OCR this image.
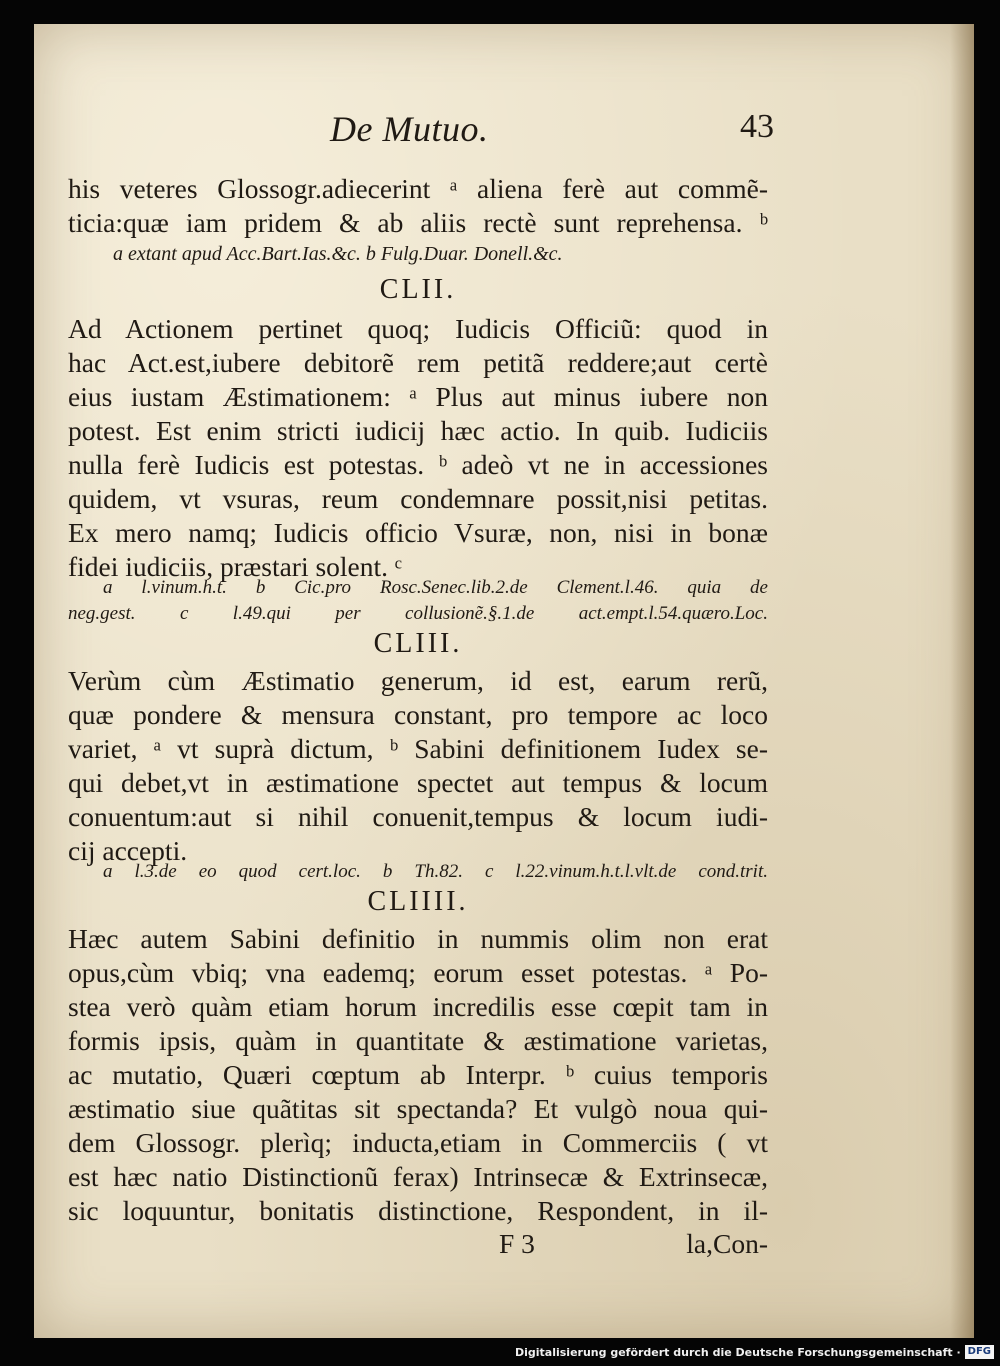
De Mutuo.	43
his veteres Glossogr.adiecerint ᵃ aliena ferè aut commẽ-
ticia:quæ iam pridem & ab aliis rectè sunt reprehensa. ᵇ
a extant apud Acc.Bart.Ias.&c. b Fulg.Duar. Donell.&c.
CLII.
Ad Actionem pertinet quoq; Iudicis Officiũ: quod in
hac Act.est,iubere debitorẽ rem petitã reddere;aut certè
eius iustam Æstimationem: ᵃ Plus aut minus iubere non
potest. Est enim stricti iudicij hæc actio. In quib. Iudiciis
nulla ferè Iudicis est potestas. ᵇ adeò vt ne in accessiones
quidem, vt vsuras, reum condemnare possit,nisi petitas.
Ex mero namq; Iudicis officio Vsuræ, non, nisi in bonæ
fidei iudiciis, præstari solent. ᶜ
a l.vinum.h.t. b Cic.pro Rosc.Senec.lib.2.de Clement.l.46. quia de
neg.gest. c l.49.qui per collusionẽ.§.1.de act.empt.l.54.quæro.Loc.
CLIII.
Verùm cùm Æstimatio generum, id est, earum rerũ,
quæ pondere & mensura constant, pro tempore ac loco
variet, ᵃ vt suprà dictum, ᵇ Sabini definitionem Iudex se-
qui debet,vt in æstimatione spectet aut tempus & locum
conuentum:aut si nihil conuenit,tempus & locum iudi-
cij accepti.
a l.3.de eo quod cert.loc. b Th.82. c l.22.vinum.h.t.l.vlt.de cond.trit.
CLIIII.
Hæc autem Sabini definitio in nummis olim non erat
opus,cùm vbiq; vna eademq; eorum esset potestas. ᵃ Po-
stea verò quàm etiam horum incredilis esse cœpit tam in
formis ipsis, quàm in quantitate & æstimatione varietas,
ac mutatio, Quæri cœptum ab Interpr. ᵇ cuius temporis
æstimatio siue quãtitas sit spectanda? Et vulgò noua qui-
dem Glossogr. plerìq; inducta,etiam in Commerciis ( vt
est hæc natio Distinctionũ ferax) Intrinsecæ & Extrinsecæ,
sic loquuntur, bonitatis distinctione, Respondent, in il-
F 3	la,Con-
Digitalisierung gefördert durch die Deutsche Forschungsgemeinschaft · DFG
